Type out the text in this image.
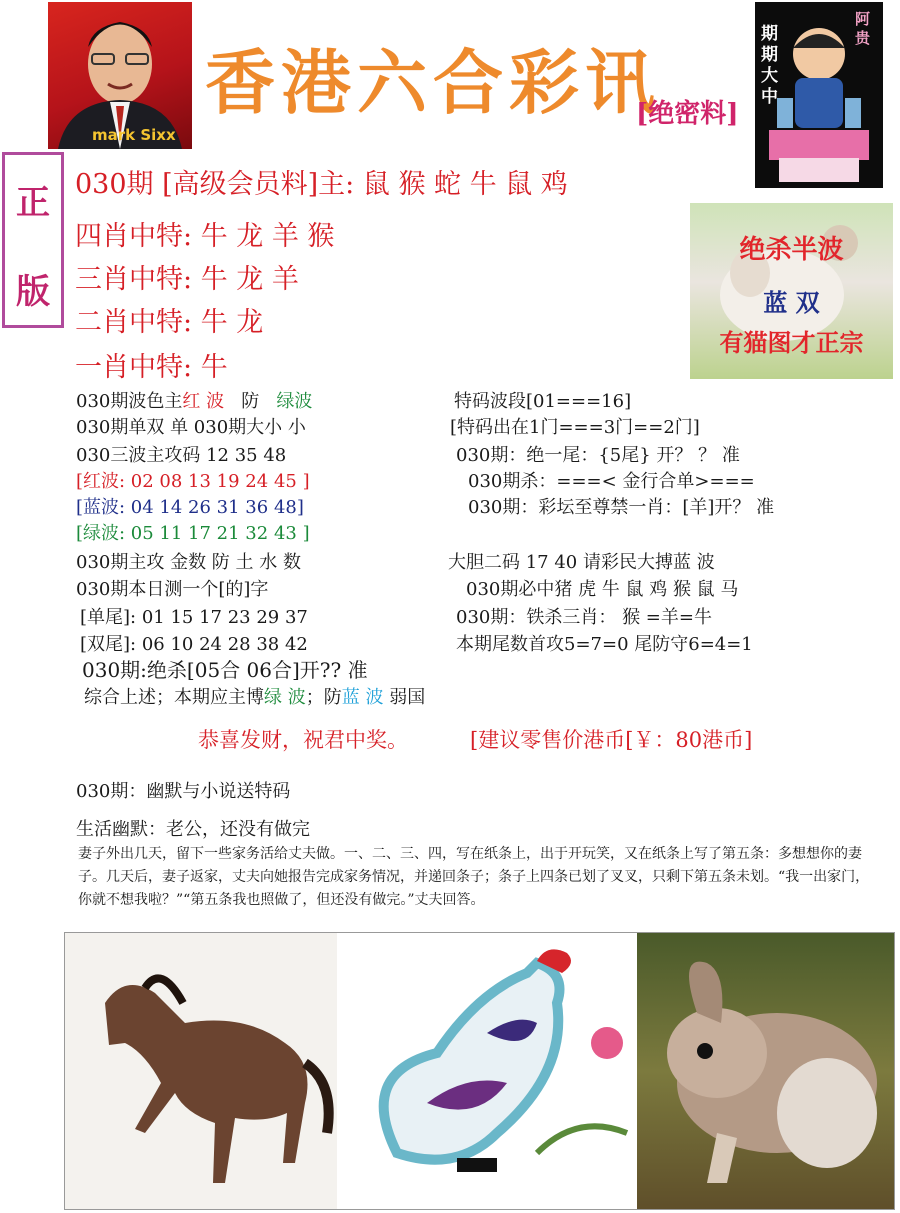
mark Sixx
香港六合彩讯
[绝密料]
期期大中
阿贵
正
版
030期 [高级会员料]主: 鼠 猴 蛇 牛 鼠 鸡
四肖中特: 牛 龙 羊 猴
三肖中特: 牛 龙 羊
二肖中特: 牛 龙
一肖中特: 牛
绝杀半波
蓝 双
有猫图才正宗
030期波色主红 波 防 绿波
030期单双 单 030期大小 小
030三波主攻码 12 35 48
[红波: 02 08 13 19 24 45 ]
[蓝波: 04 14 26 31 36 48]
[绿波: 05 11 17 21 32 43 ]
030期主攻 金数 防 土 水 数
030期本日测一个[的]字
[单尾]: 01 15 17 23 29 37
[双尾]: 06 10 24 28 38 42
030期:绝杀[05合 06合]开?? 准
综合上述；本期应主博绿 波；防蓝 波 弱国
特码波段[01===16]
[特码出在1门===3门==2门]
030期：绝一尾：{5尾} 开？ ？ 准
030期杀：===< 金行合单>===
030期：彩坛至尊禁一肖：[羊]开？ 准
大胆二码 17 40 请彩民大搏蓝 波
030期必中猪 虎 牛 鼠 鸡 猴 鼠 马
030期：铁杀三肖： 猴 =羊=牛
本期尾数首攻5=7=0 尾防守6=4=1
恭喜发财，祝君中奖。	[建议零售价港币[￥：80港币]
030期：幽默与小说送特码
生活幽默：老公，还没有做完
妻子外出几天，留下一些家务活给丈夫做。一、二、三、四，写在纸条上，出于开玩笑，又在纸条上写了第五条：多想想你的妻子。几天后，妻子返家，丈夫向她报告完成家务情况，并递回条子；条子上四条已划了叉叉，只剩下第五条未划。“我一出家门，你就不想我啦？”“第五条我也照做了，但还没有做完。”丈夫回答。
